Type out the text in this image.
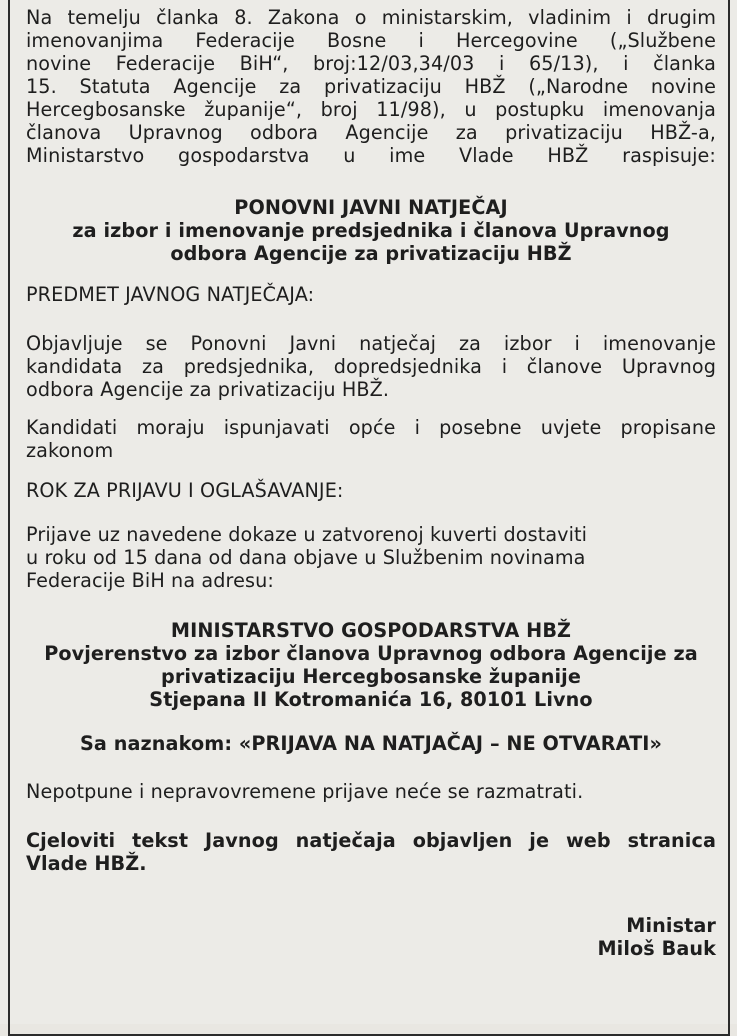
Na temelju članka 8. Zakona o ministarskim, vladinim i drugim
imenovanjima Federacije Bosne i Hercegovine („Službene
novine Federacije BiH“, broj:12/03,34/03 i 65/13), i članka
15. Statuta Agencije za privatizaciju HBŽ („Narodne novine
Hercegbosanske županije“, broj 11/98), u postupku imenovanja
članova Upravnog odbora Agencije za privatizaciju HBŽ-a,
Ministarstvo gospodarstva u ime Vlade HBŽ raspisuje:

PONOVNI JAVNI NATJEČAJ
za izbor i imenovanje predsjednika i članova Upravnog
odbora Agencije za privatizaciju HBŽ

PREDMET JAVNOG NATJEČAJA:

Objavljuje se Ponovni Javni natječaj za izbor i imenovanje
kandidata za predsjednika, dopredsjednika i članove Upravnog
odbora Agencije za privatizaciju HBŽ.

Kandidati moraju ispunjavati opće i posebne uvjete propisane
zakonom

ROK ZA PRIJAVU I OGLAŠAVANJE:

Prijave uz navedene dokaze u zatvorenoj kuverti dostaviti
u roku od 15 dana od dana objave u Službenim novinama
Federacije BiH na adresu:

MINISTARSTVO GOSPODARSTVA HBŽ
Povjerenstvo za izbor članova Upravnog odbora Agencije za
privatizaciju Hercegbosanske županije
Stjepana II Kotromanića 16, 80101 Livno

Sa naznakom: «PRIJAVA NA NATJAČAJ – NE OTVARATI»

Nepotpune i nepravovremene prijave neće se razmatrati.

Cjeloviti tekst Javnog natječaja objavljen je web stranica
Vlade HBŽ.

Ministar
Miloš Bauk
